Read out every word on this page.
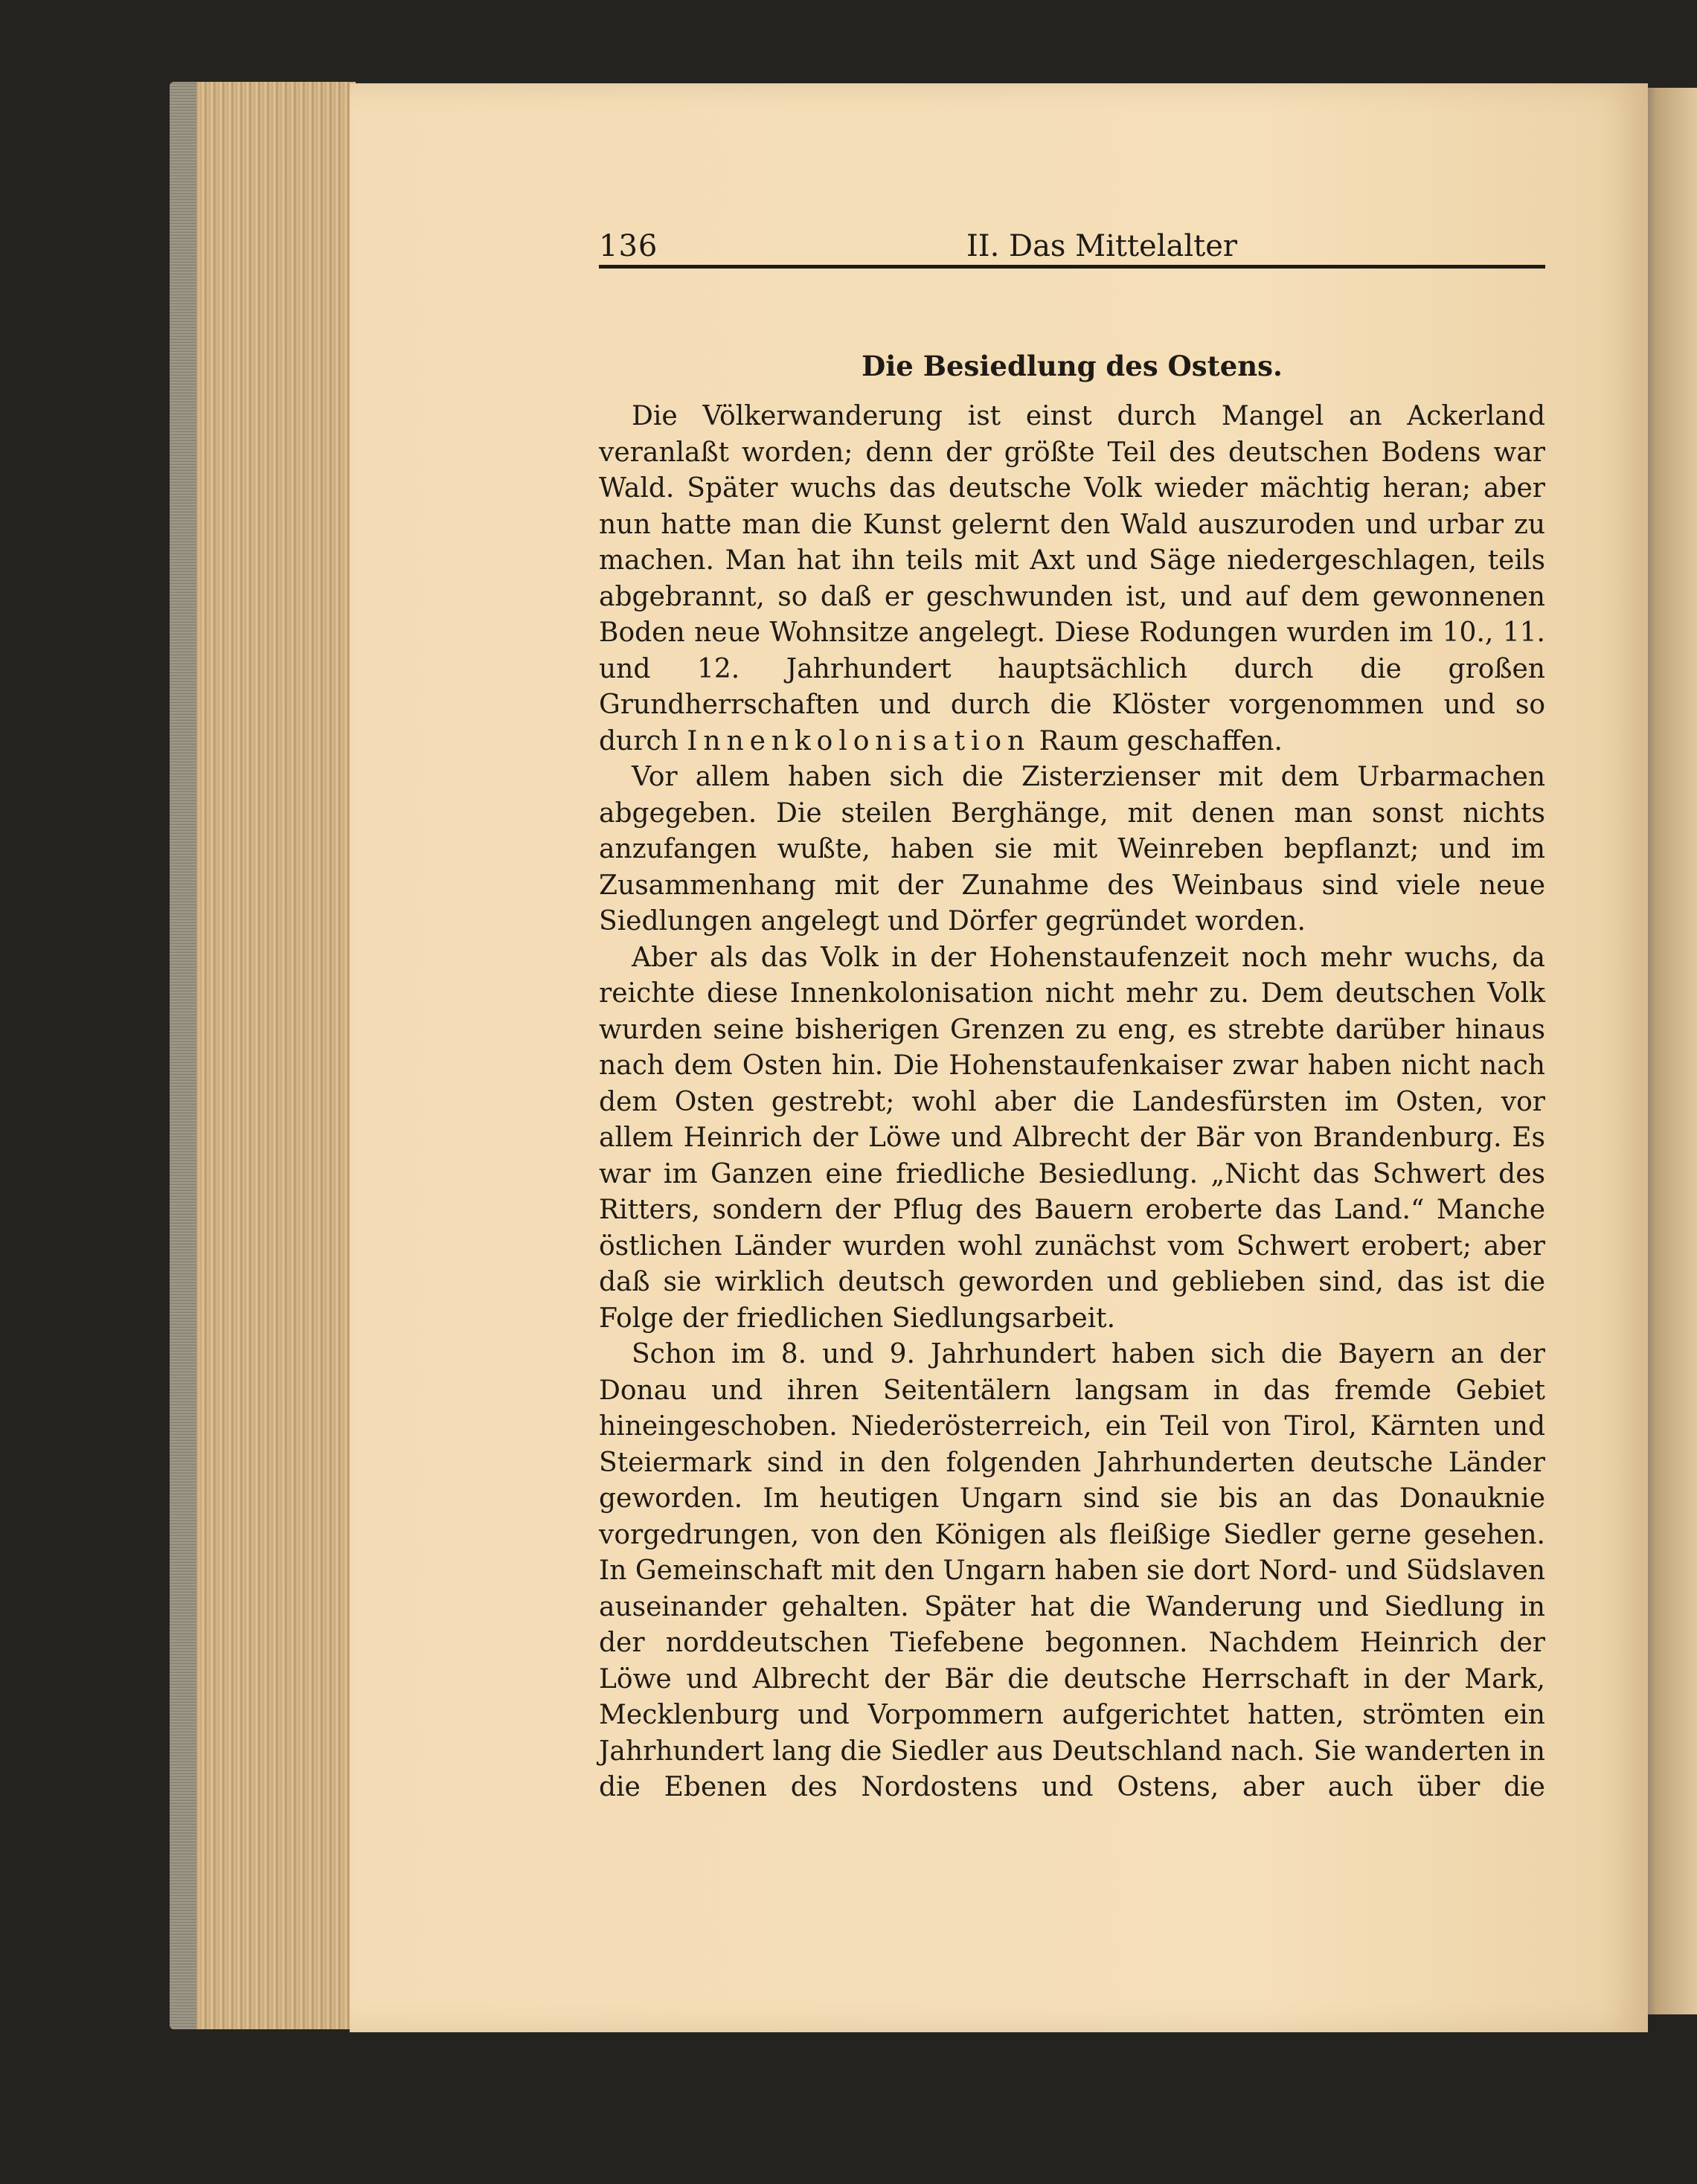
136	II. Das Mittelalter
Die Besiedlung des Ostens.

Die Völkerwanderung ist einst durch Mangel an Ackerland veranlaßt worden; denn der größte Teil des deutschen Bodens war Wald. Später wuchs das deutsche Volk wieder mächtig heran; aber nun hatte man die Kunst gelernt den Wald auszuroden und urbar zu machen. Man hat ihn teils mit Axt und Säge niedergeschlagen, teils abgebrannt, so daß er geschwunden ist, und auf dem gewonnenen Boden neue Wohnsitze angelegt. Diese Rodungen wurden im 10., 11. und 12. Jahrhundert hauptsächlich durch die großen Grundherrschaften und durch die Klöster vorgenommen und so durch Innenkolonisation Raum geschaffen.

Vor allem haben sich die Zisterzienser mit dem Urbarmachen abgegeben. Die steilen Berghänge, mit denen man sonst nichts anzufangen wußte, haben sie mit Weinreben bepflanzt; und im Zusammenhang mit der Zunahme des Weinbaus sind viele neue Siedlungen angelegt und Dörfer gegründet worden.

Aber als das Volk in der Hohenstaufenzeit noch mehr wuchs, da reichte diese Innenkolonisation nicht mehr zu. Dem deutschen Volk wurden seine bisherigen Grenzen zu eng, es strebte darüber hinaus nach dem Osten hin. Die Hohenstaufenkaiser zwar haben nicht nach dem Osten gestrebt; wohl aber die Landesfürsten im Osten, vor allem Heinrich der Löwe und Albrecht der Bär von Brandenburg. Es war im Ganzen eine friedliche Besiedlung. „Nicht das Schwert des Ritters, sondern der Pflug des Bauern eroberte das Land.“ Manche östlichen Länder wurden wohl zunächst vom Schwert erobert; aber daß sie wirklich deutsch geworden und geblieben sind, das ist die Folge der friedlichen Siedlungsarbeit.

Schon im 8. und 9. Jahrhundert haben sich die Bayern an der Donau und ihren Seitentälern langsam in das fremde Gebiet hineingeschoben. Niederösterreich, ein Teil von Tirol, Kärnten und Steiermark sind in den folgenden Jahrhunderten deutsche Länder geworden. Im heutigen Ungarn sind sie bis an das Donauknie vorgedrungen, von den Königen als fleißige Siedler gerne gesehen. In Gemeinschaft mit den Ungarn haben sie dort Nord- und Südslaven auseinander gehalten. Später hat die Wanderung und Siedlung in der norddeutschen Tiefebene begonnen. Nachdem Heinrich der Löwe und Albrecht der Bär die deutsche Herrschaft in der Mark, Mecklenburg und Vorpommern aufgerichtet hatten, strömten ein Jahrhundert lang die Siedler aus Deutschland nach. Sie wanderten in die Ebenen des Nordostens und Ostens, aber auch über die
